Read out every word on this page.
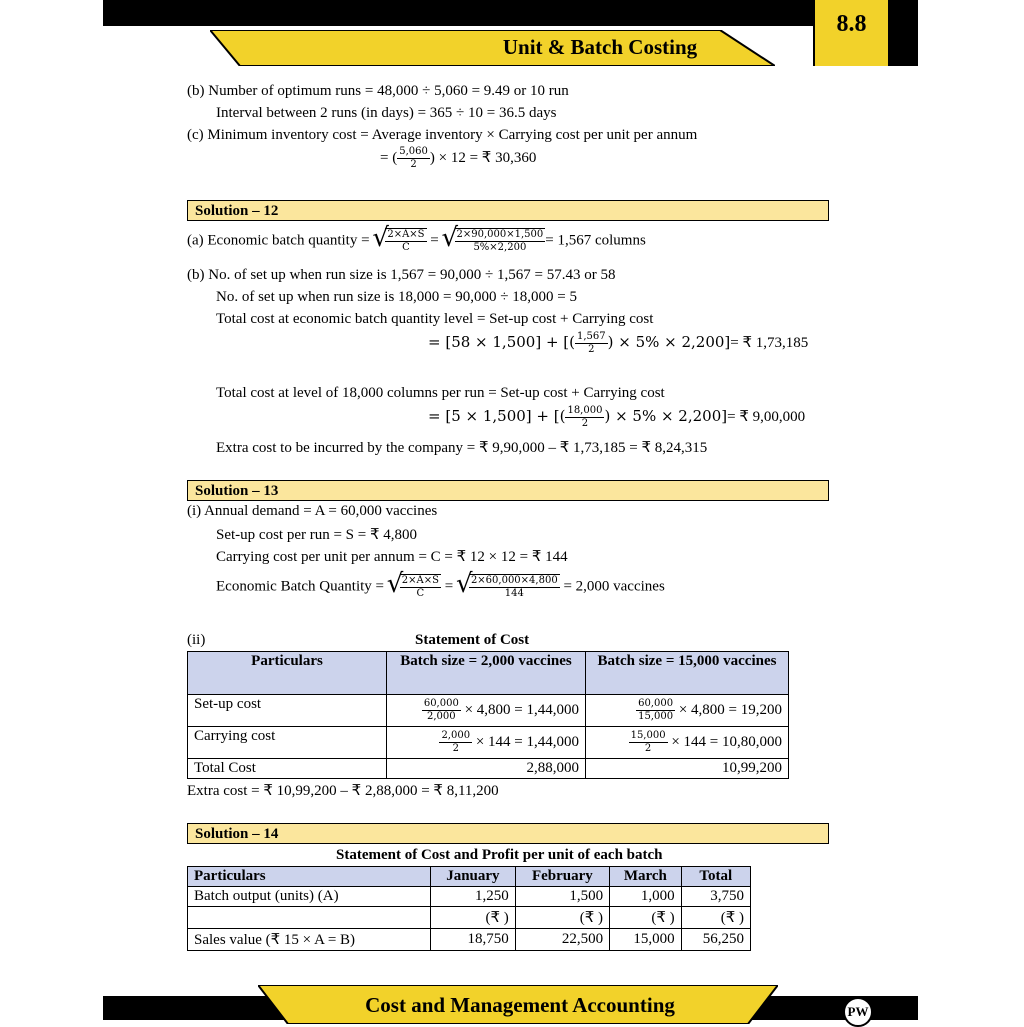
Unit & Batch Costing
8.8
(b) Number of optimum runs = 48,000 ÷ 5,060 = 9.49 or 10 run
Interval between 2 runs (in days) = 365 ÷ 10 = 36.5 days
(c) Minimum inventory cost = Average inventory × Carrying cost per unit per annum
= ( $\frac{5,060}{2}$ ) × 12 = ₹ 30,360
Solution – 12
(a) Economic batch quantity = √ $\frac{2\times A\times S}{C}$ = √ $\frac{2\times 90,000\times 1,500}{5\%\times 2,200} = 1,567$ columns
(b) No. of set up when run size is 1,567 = 90,000 ÷ 1,567 = 57.43 or 58
No. of set up when run size is 18,000 = 90,000 ÷ 18,000 = 5
Total cost at economic batch quantity level = Set-up cost + Carrying cost
= [58 × 1,500] + [( $\frac{1,567}{2}$ ) × 5% × 2,200]= ₹ 1,73,185
Total cost at level of 18,000 columns per run = Set-up cost + Carrying cost
= [5 × 1,500] + [( $\frac{18,000}{2}$ ) × 5% × 2,200]= ₹ 9,00,000
Extra cost to be incurred by the company = ₹ 9,90,000 – ₹ 1,73,185 = ₹ 8,24,315
Solution – 13
(i) Annual demand = A = 60,000 vaccines
Set-up cost per run = S = ₹ 4,800
Carrying cost per unit per annum = C = ₹ 12 × 12 = ₹ 144
Economic Batch Quantity = √ $\frac{2\times A\times S}{C}$ = √ $\frac{2\times 60,000\times 4,800}{144} = 2,000$ vaccines
(ii)	Statement of Cost
Particulars	Batch size = 2,000 vaccines	Batch size = 15,000 vaccines
Set-up cost	$\frac{60,000}{2,000} \times 4,800 = 1,44,000$	$\frac{60,000}{15,000} \times 4,800 = 19,200$
Carrying cost	$\frac{2,000}{2} \times 144 = 1,44,000$	$\frac{15,000}{2} \times 144 = 10,80,000$
Total Cost	2,88,000	10,99,200
Extra cost = ₹ 10,99,200 – ₹ 2,88,000 = ₹ 8,11,200
Solution – 14
Statement of Cost and Profit per unit of each batch
Particulars	January	February	March	Total
Batch output (units) (A)	1,250	1,500	1,000	3,750
	(₹ )	(₹ )	(₹ )	(₹ )
Sales value (₹ 15 × A = B)	18,750	22,500	15,000	56,250
Cost and Management Accounting	PW
